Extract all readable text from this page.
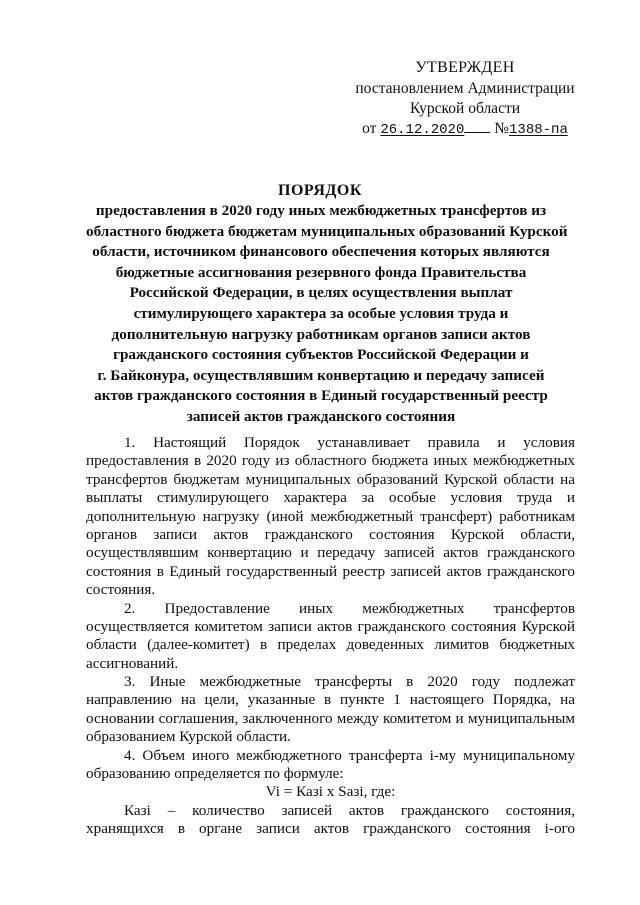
УТВЕРЖДЕН
постановлением Администрации
Курской области
от 26.12.2020 №1388-па
ПОРЯДОК
предоставления в 2020 году иных межбюджетных трансфертов из
областного бюджета бюджетам муниципальных образований Курской
области, источником финансового обеспечения которых являются
бюджетные ассигнования резервного фонда Правительства
Российской Федерации, в целях осуществления выплат
стимулирующего характера за особые условия труда и
дополнительную нагрузку работникам органов записи актов
гражданского состояния субъектов Российской Федерации и
г. Байконура, осуществлявшим конвертацию и передачу записей
актов гражданского состояния в Единый государственный реестр
записей актов гражданского состояния
1. Настоящий Порядок устанавливает правила и условия
предоставления в 2020 году из областного бюджета иных межбюджетных
трансфертов бюджетам муниципальных образований Курской области на
выплаты стимулирующего характера за особые условия труда и
дополнительную нагрузку (иной межбюджетный трансферт) работникам
органов записи актов гражданского состояния Курской области,
осуществлявшим конвертацию и передачу записей актов гражданского
состояния в Единый государственный реестр записей актов гражданского
состояния.
2. Предоставление иных межбюджетных трансфертов
осуществляется комитетом записи актов гражданского состояния Курской
области (далее-комитет) в пределах доведенных лимитов бюджетных
ассигнований.
3. Иные межбюджетные трансферты в 2020 году подлежат
направлению на цели, указанные в пункте 1 настоящего Порядка, на
основании соглашения, заключенного между комитетом и муниципальным
образованием Курской области.
4. Объем иного межбюджетного трансферта i-му муниципальному
образованию определяется по формуле:
Vi = Казi х Sазi, где:
Казi – количество записей актов гражданского состояния,
хранящихся в органе записи актов гражданского состояния i-ого
